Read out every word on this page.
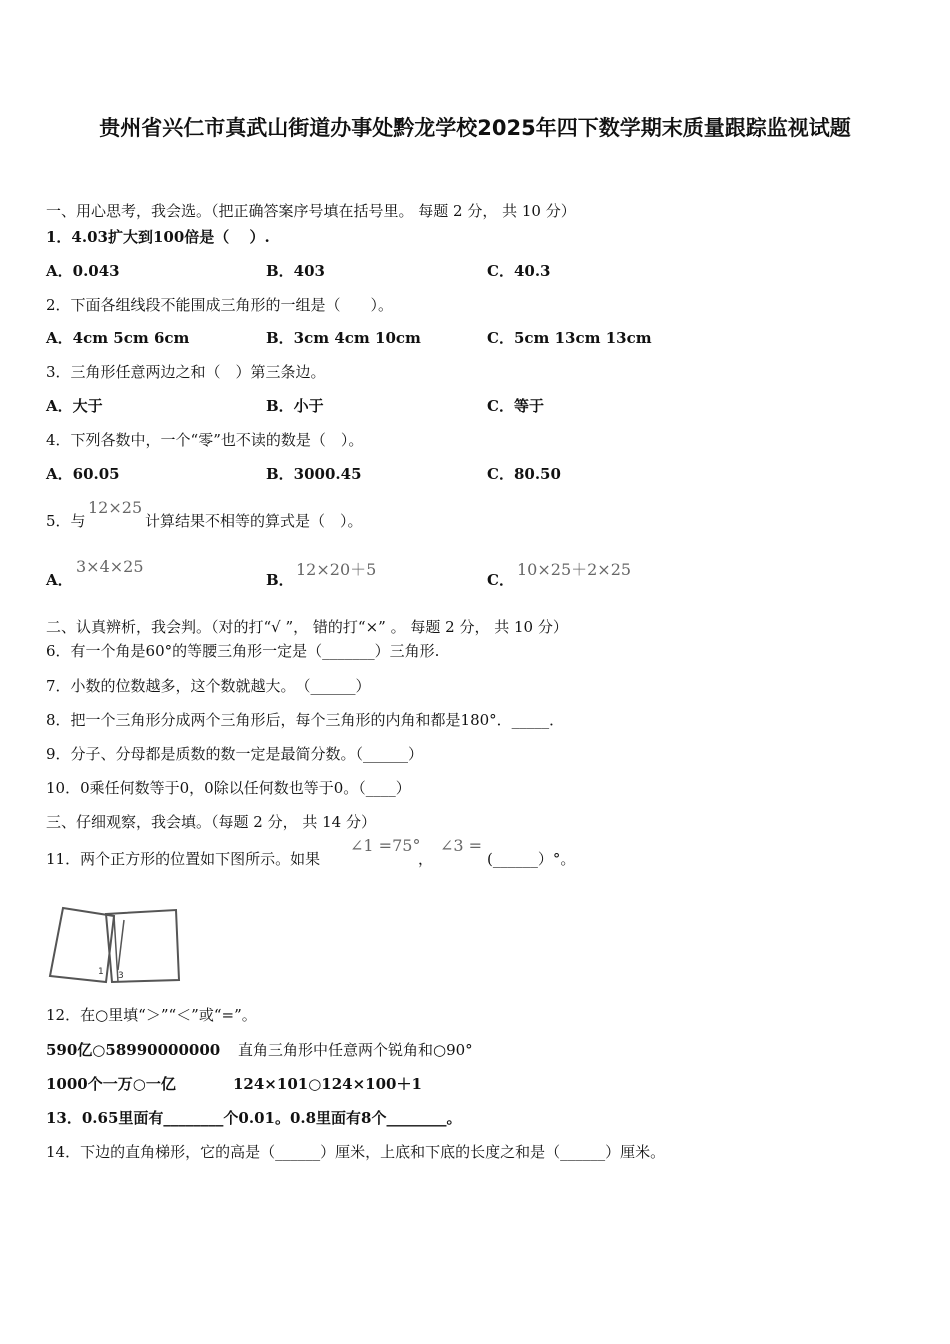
贵州省兴仁市真武山街道办事处黔龙学校2025年四下数学期末质量跟踪监视试题
一、用心思考，我会选。（把正确答案序号填在括号里。 每题 2 分， 共 10 分）
1．4.03扩大到100倍是（　 ）.
A．0.043	B．403	C．40.3
2．下面各组线段不能围成三角形的一组是（　　）。
A．4cm 5cm 6cm	B．3cm 4cm 10cm	C．5cm 13cm 13cm
3．三角形任意两边之和（　）第三条边。
A．大于	B．小于	C．等于
4．下列各数中，一个“零”也不读的数是（　）。
A．60.05	B．3000.45	C．80.50
5．与
12×25
计算结果不相等的算式是（　）。
A．
3×4×25
B．
12×20＋5
C．
10×25＋2×25
二、认真辨析，我会判。（对的打“√ ”， 错的打“×” 。 每题 2 分， 共 10 分）
6．有一个角是60°的等腰三角形一定是（_______）三角形.
7．小数的位数越多，这个数就越大。　（______）
8．把一个三角形分成两个三角形后，每个三角形的内角和都是180°．_____．
9．分子、分母都是质数的数一定是最简分数。（______）
10．0乘任何数等于0，0除以任何数也等于0。（____）
三、仔细观察，我会填。（每题 2 分， 共 14 分）
11．两个正方形的位置如下图所示。如果
∠1 =75°
，
∠3 =
(______）°。
1 3
12．在○里填“＞”“＜”或“=”。
590亿○58990000000 直角三角形中任意两个锐角和○90°
1000个一万○一亿	124×101○124×100＋1
13．0.65里面有________个0.01。0.8里面有8个________。
14．下边的直角梯形，它的高是（______）厘米，上底和下底的长度之和是（______）厘米。
